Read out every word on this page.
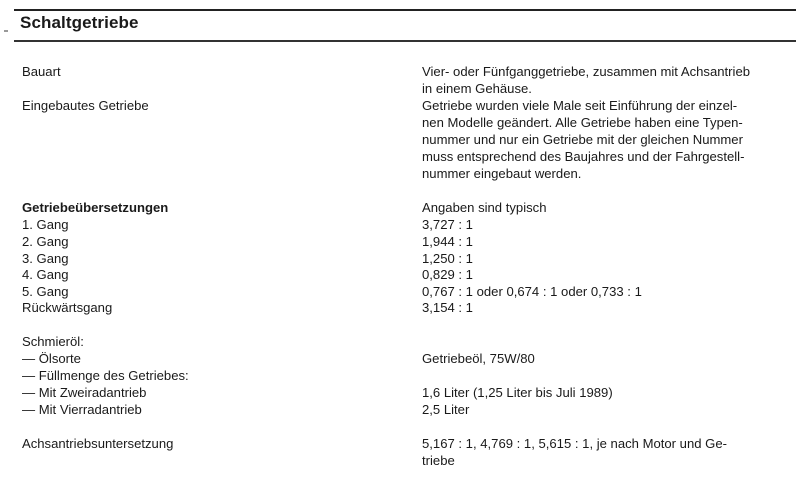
Schaltgetriebe
Bauart	Vier- oder Fünfganggetriebe, zusammen mit Achsantrieb
in einem Gehäuse.
Eingebautes Getriebe	Getriebe wurden viele Male seit Einführung der einzel-
nen Modelle geändert. Alle Getriebe haben eine Typen-
nummer und nur ein Getriebe mit der gleichen Nummer
muss entsprechend des Baujahres und der Fahrgestell-
nummer eingebaut werden.
Getriebeübersetzungen	Angaben sind typisch
1. Gang	3,727 : 1
2. Gang	1,944 : 1
3. Gang	1,250 : 1
4. Gang	0,829 : 1
5. Gang	0,767 : 1 oder 0,674 : 1 oder 0,733 : 1
Rückwärtsgang	3,154 : 1
Schmieröl:
— Ölsorte	Getriebeöl, 75W/80
— Füllmenge des Getriebes:
— Mit Zweiradantrieb	1,6 Liter (1,25 Liter bis Juli 1989)
— Mit Vierradantrieb	2,5 Liter
Achsantriebsuntersetzung	5,167 : 1, 4,769 : 1, 5,615 : 1, je nach Motor und Ge-
triebe
